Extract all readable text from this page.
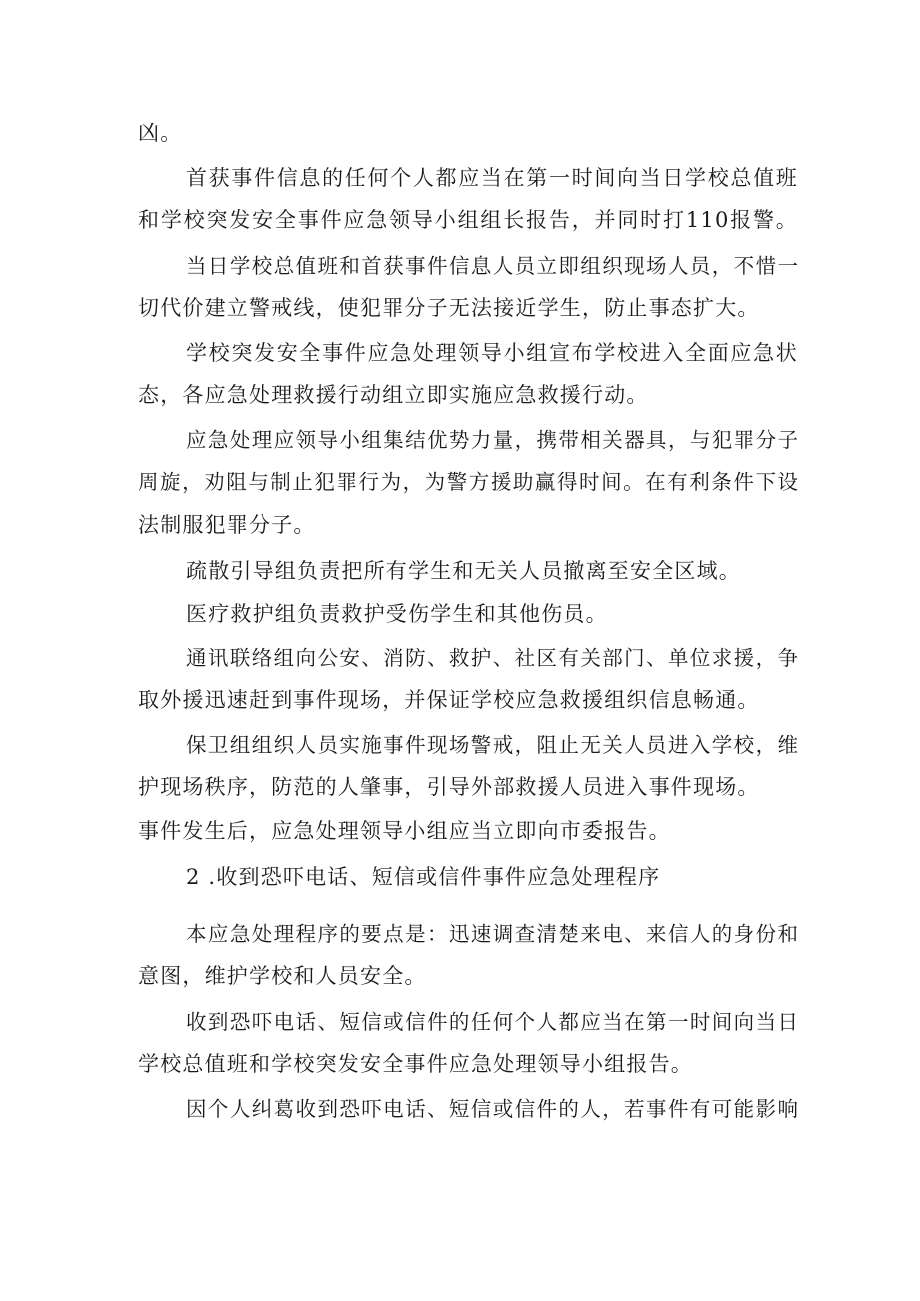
凶。
首获事件信息的任何个人都应当在第一时间向当日学校总值班
和学校突发安全事件应急领导小组组长报告，并同时打110报警。
当日学校总值班和首获事件信息人员立即组织现场人员，不惜一
切代价建立警戒线，使犯罪分子无法接近学生，防止事态扩大。
学校突发安全事件应急处理领导小组宣布学校进入全面应急状
态，各应急处理救援行动组立即实施应急救援行动。
应急处理应领导小组集结优势力量，携带相关器具，与犯罪分子
周旋，劝阻与制止犯罪行为，为警方援助赢得时间。在有利条件下设
法制服犯罪分子。
疏散引导组负责把所有学生和无关人员撤离至安全区域。
医疗救护组负责救护受伤学生和其他伤员。
通讯联络组向公安、消防、救护、社区有关部门、单位求援，争
取外援迅速赶到事件现场，并保证学校应急救援组织信息畅通。
保卫组组织人员实施事件现场警戒，阻止无关人员进入学校，维
护现场秩序，防范的人肇事，引导外部救援人员进入事件现场。
事件发生后，应急处理领导小组应当立即向市委报告。
2 .收到恐吓电话、短信或信件事件应急处理程序
本应急处理程序的要点是：迅速调查清楚来电、来信人的身份和
意图，维护学校和人员安全。
收到恐吓电话、短信或信件的任何个人都应当在第一时间向当日
学校总值班和学校突发安全事件应急处理领导小组报告。
因个人纠葛收到恐吓电话、短信或信件的人，若事件有可能影响
